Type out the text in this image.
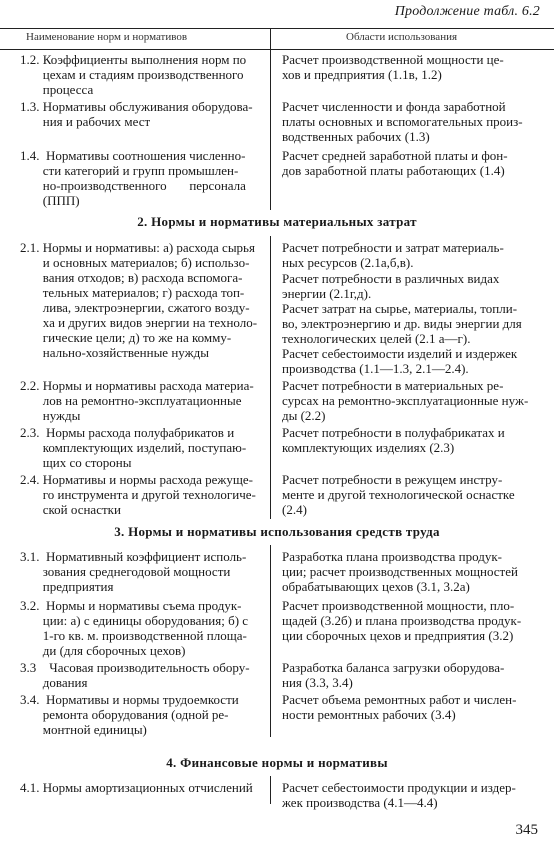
Продолжение табл. 6.2
Наименование норм и нормативов	Области использования
1.2. Коэффициенты выполнения норм по
цехам и стадиям производственного
процесса
Расчет производственной мощности це-
хов и предприятия (1.1в, 1.2)
1.3. Нормативы обслуживания оборудова-
ния и рабочих мест
Расчет численности и фонда заработной
платы основных и вспомогательных произ-
водственных рабочих (1.3)
1.4.  Нормативы соотношения численно-
сти категорий и групп промышлен-
но-производственного       персонала
(ППП)
Расчет средней заработной платы и фон-
дов заработной платы работающих (1.4)
2. Нормы и нормативы материальных затрат
2.1. Нормы и нормативы: а) расхода сырья
и основных материалов; б) использо-
вания отходов; в) расхода вспомога-
тельных материалов; г) расхода топ-
лива, электроэнергии, сжатого возду-
ха и других видов энергии на техноло-
гические цели; д) то же на комму-
нально-хозяйственные нужды
Расчет потребности и затрат материаль-
ных ресурсов (2.1а,б,в).
Расчет потребности в различных видах
энергии (2.1г,д).
Расчет затрат на сырье, материалы, топли-
во, электроэнергию и др. виды энергии для
технологических целей (2.1 а—г).
Расчет себестоимости изделий и издержек
производства (1.1—1.3, 2.1—2.4).
2.2. Нормы и нормативы расхода материа-
лов на ремонтно-эксплуатационные
нужды
Расчет потребности в материальных ре-
сурсах на ремонтно-эксплуатационные нуж-
ды (2.2)
2.3.  Нормы расхода полуфабрикатов и
комплектующих изделий, поступаю-
щих со стороны
Расчет потребности в полуфабрикатах и
комплектующих изделиях (2.3)
2.4. Нормативы и нормы расхода режуще-
го инструмента и другой технологиче-
ской оснастки
Расчет потребности в режущем инстру-
менте и другой технологической оснастке
(2.4)
3. Нормы и нормативы использования средств труда
3.1.  Нормативный коэффициент исполь-
зования среднегодовой мощности
предприятия
Разработка плана производства продук-
ции; расчет производственных мощностей
обрабатывающих цехов (3.1, 3.2а)
3.2.  Нормы и нормативы съема продук-
ции: а) с единицы оборудования; б) с
1-го кв. м. производственной площа-
ди (для сборочных цехов)
Расчет производственной мощности, пло-
щадей (3.2б) и плана производства продук-
ции сборочных цехов и предприятия (3.2)
3.3    Часовая производительность обору-
дования
Разработка баланса загрузки оборудова-
ния (3.3, 3.4)
3.4.  Нормативы и нормы трудоемкости
ремонта оборудования (одной ре-
монтной единицы)
Расчет объема ремонтных работ и числен-
ности ремонтных рабочих (3.4)
4. Финансовые нормы и нормативы
4.1. Нормы амортизационных отчислений	Расчет себестоимости продукции и издер-
жек производства (4.1—4.4)
345
